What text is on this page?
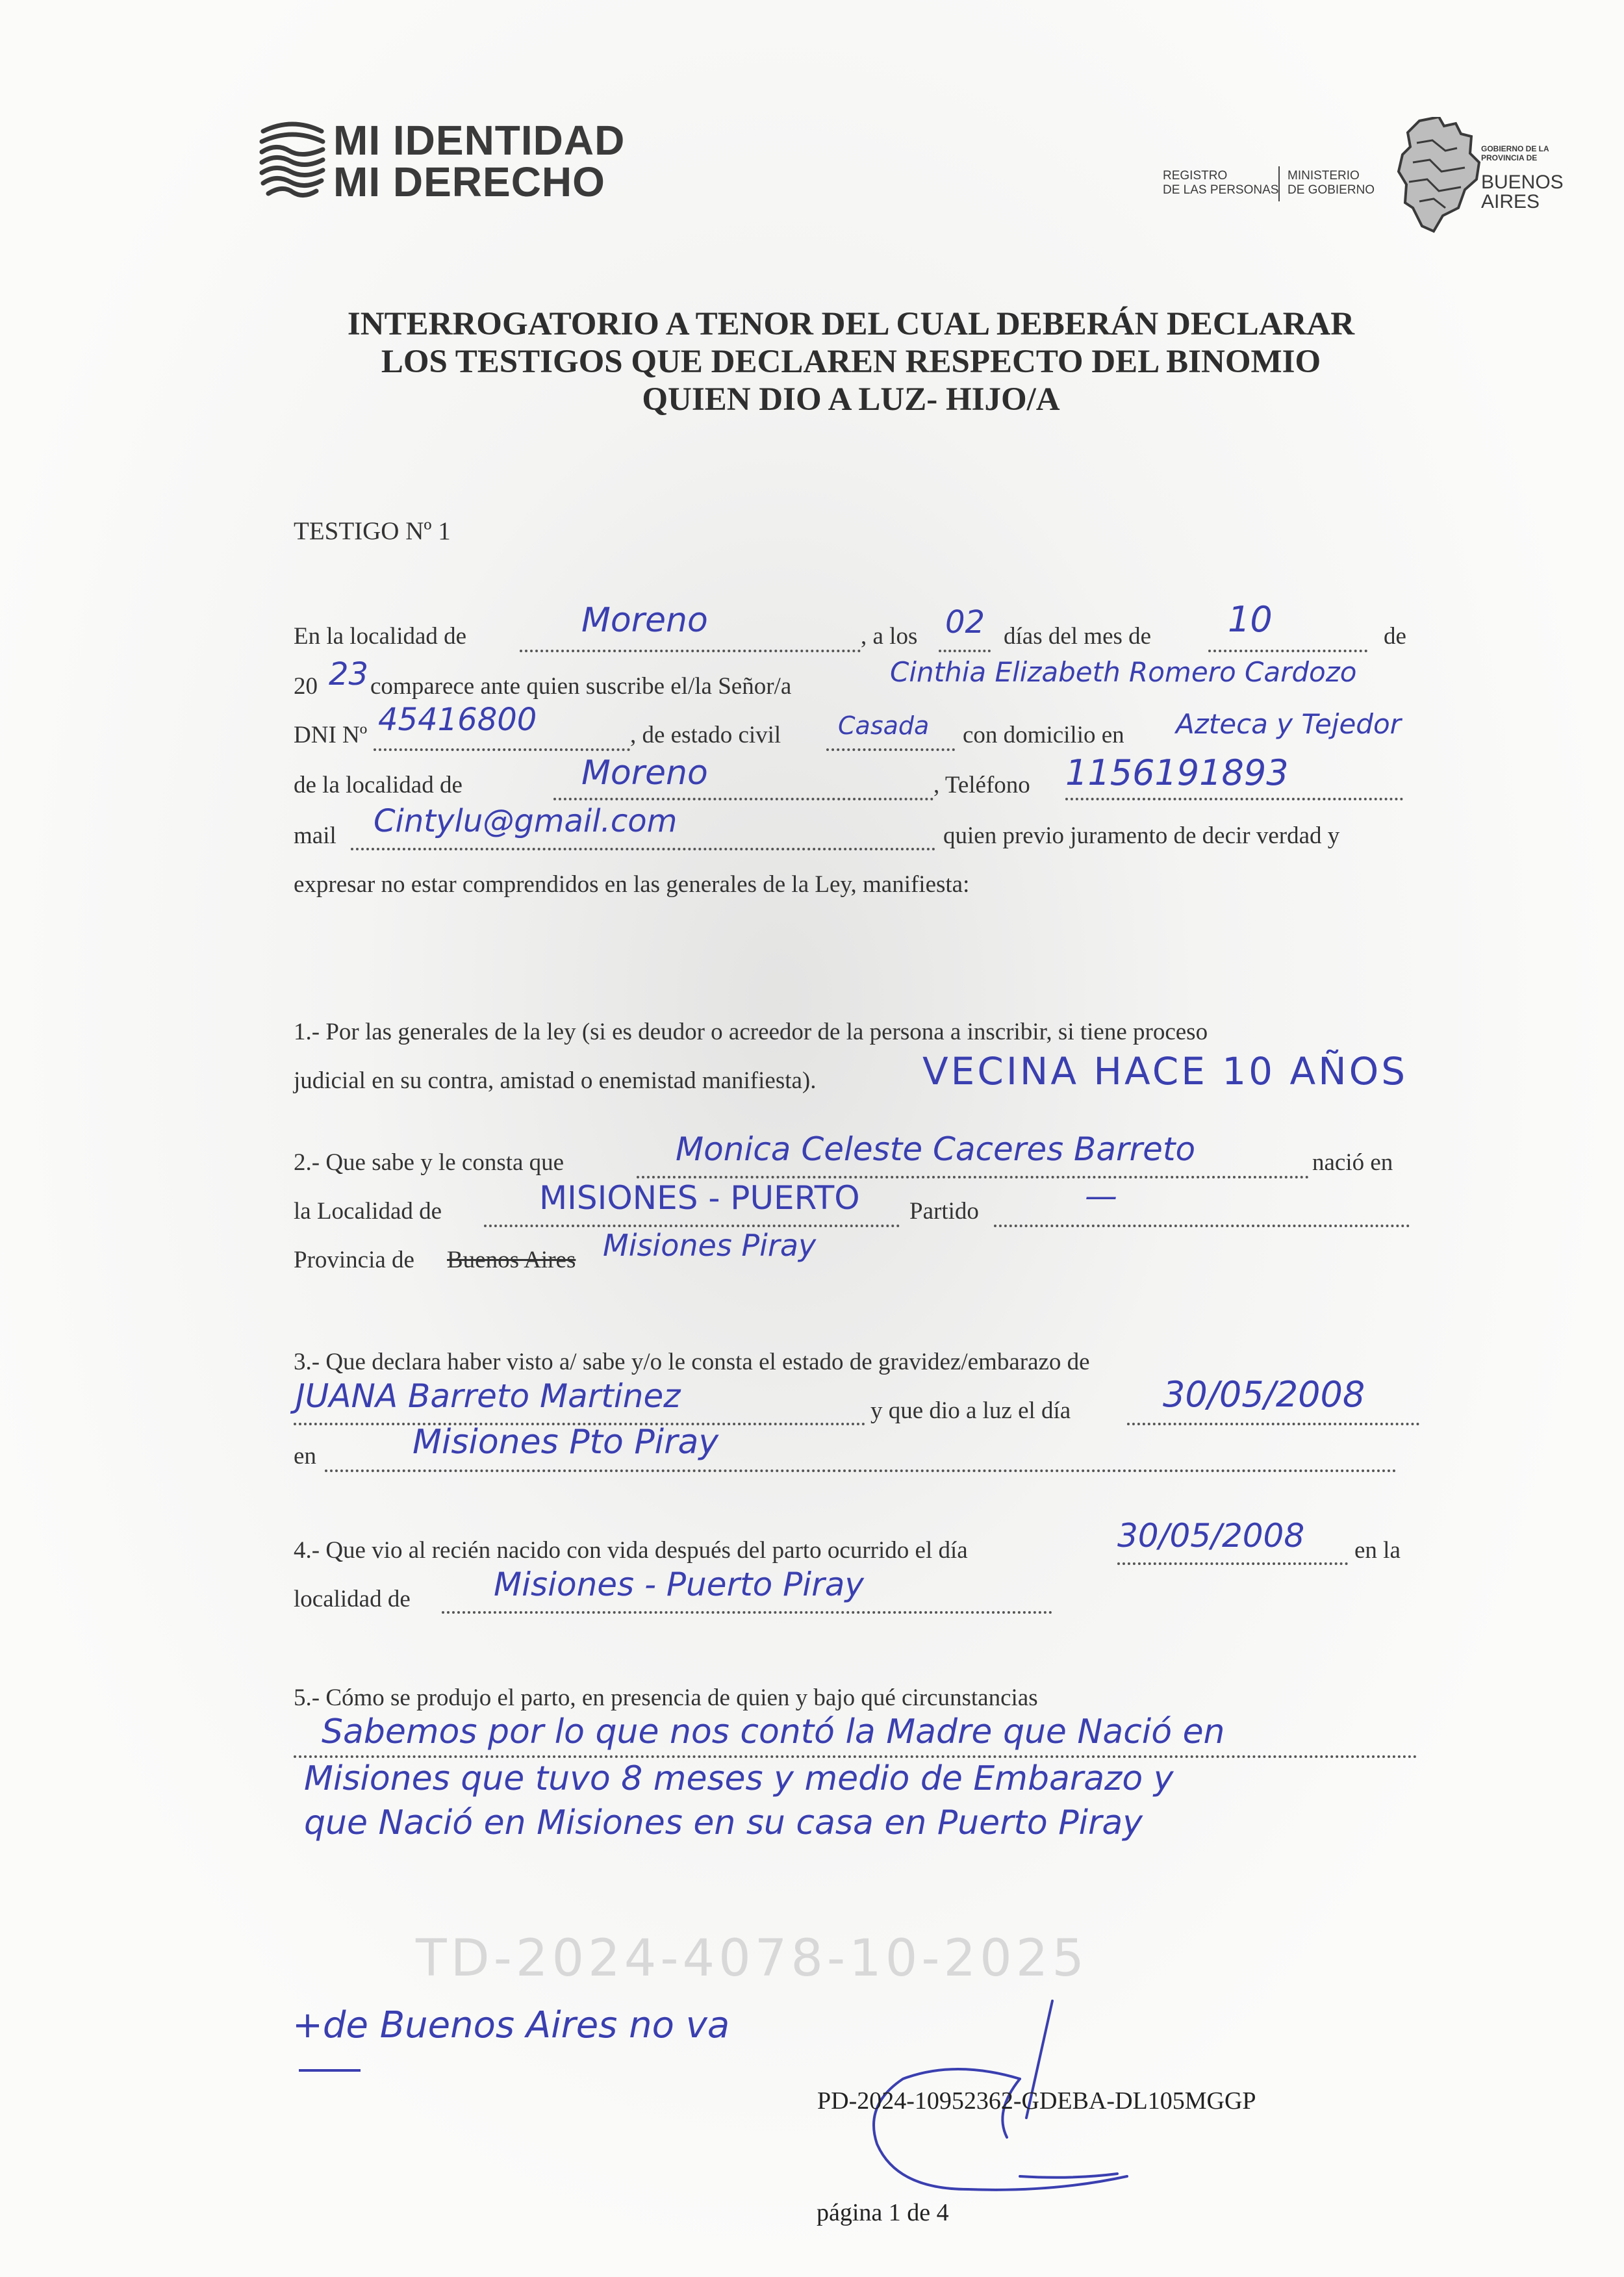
MI IDENTIDAD
MI DERECHO	REGISTRO
DE LAS PERSONAS
MINISTERIO
DE GOBIERNO
GOBIERNO DE LA
PROVINCIA DE
BUENOS
AIRES
INTERROGATORIO A TENOR DEL CUAL DEBERÁN DECLARAR
LOS TESTIGOS QUE DECLAREN RESPECTO DEL BINOMIO
QUIEN DIO A LUZ- HIJO/A
TESTIGO Nº 1
En la localidad de	Moreno	, a los 02 días del mes de 10	de
20 23 comparece ante quien suscribe el/la Señor/a	Cinthia Elizabeth Romero Cardozo
DNI Nº 45416800	, de estado civil Casada con domicilio en Azteca y Tejedor
de la localidad de	Moreno	, Teléfono 1156191893
mail Cintylu@gmail.com	quien previo juramento de decir verdad y
expresar no estar comprendidos en las generales de la Ley, manifiesta:
1.- Por las generales de la ley (si es deudor o acreedor de la persona a inscribir, si tiene proceso
judicial en su contra, amistad o enemistad manifiesta).	VECINA HACE 10 AÑOS
2.- Que sabe y le consta que	Monica Celeste Caceres Barreto	nació en
la Localidad de	MISIONES - PUERTO Partido	—
Provincia de Buenos Aires Misiones Piray
3.- Que declara haber visto a/ sabe y/o le consta el estado de gravidez/embarazo de
JUANA Barreto Martinez	y que dio a luz el día	30/05/2008
en	Misiones Pto Piray
4.- Que vio al recién nacido con vida después del parto ocurrido el día	30/05/2008 en la
localidad de	Misiones - Puerto Piray
5.- Cómo se produjo el parto, en presencia de quien y bajo qué circunstancias
Sabemos por lo que nos contó la Madre que Nació en
Misiones que tuvo 8 meses y medio de Embarazo y
que Nació en Misiones en su casa en Puerto Piray
TD-2024-4078-10-2025
+de Buenos Aires no va
PD-2024-10952362-GDEBA-DL105MGGP
página 1 de 4
